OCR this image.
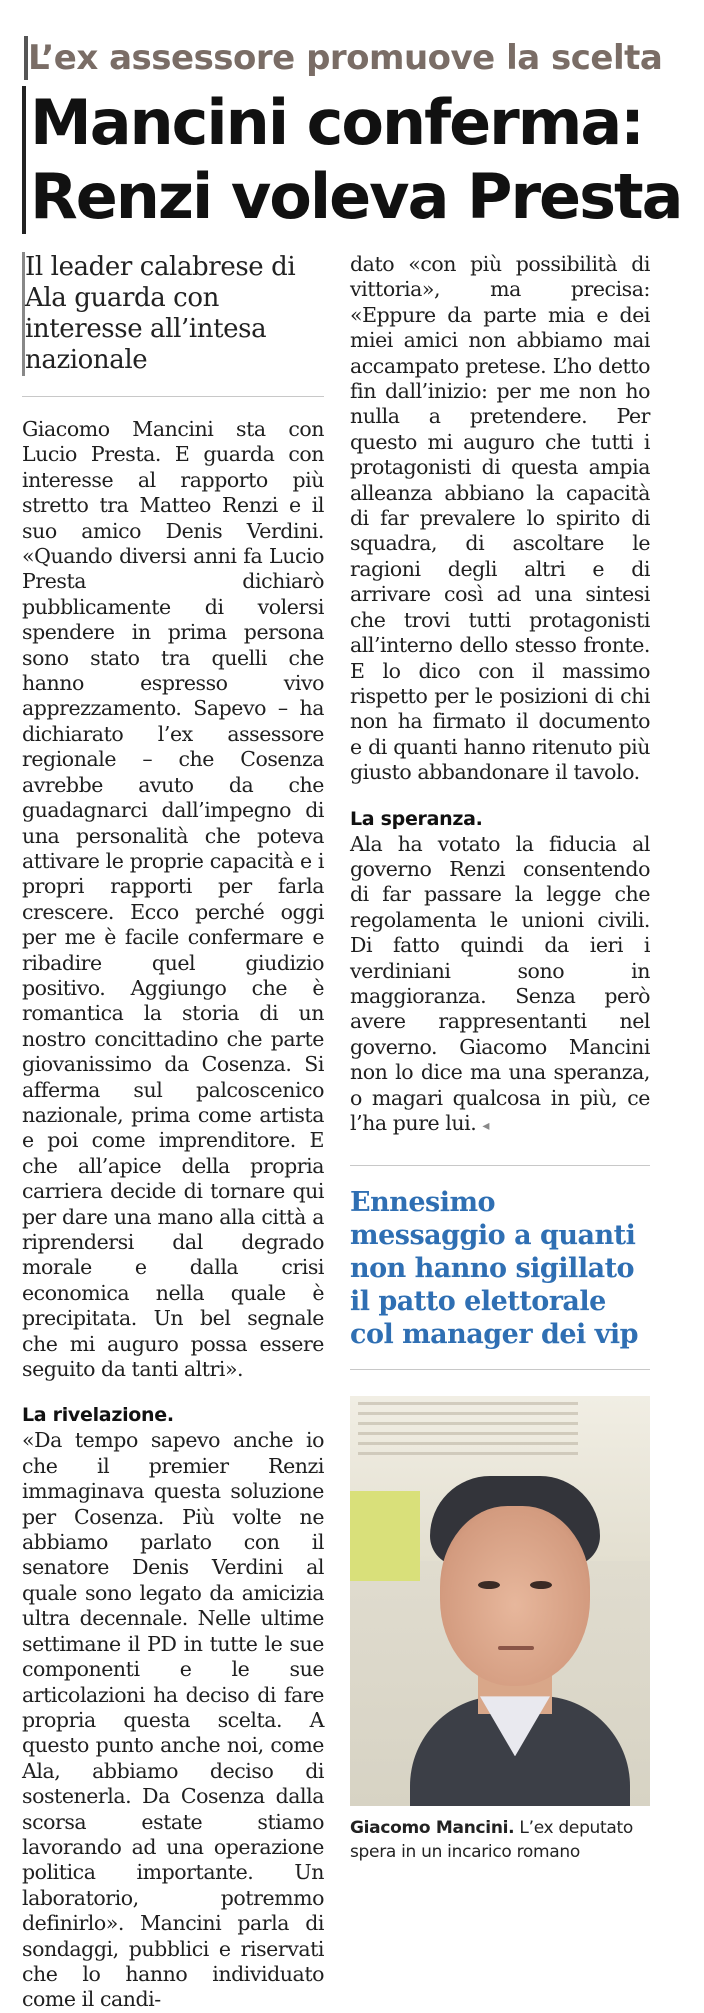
L’ex assessore promuove la scelta
Mancini conferma:
Renzi voleva Presta
Il leader calabrese di Ala guarda con interesse all’intesa nazionale

Giacomo Mancini sta con Lucio Presta. E guarda con interesse al rapporto più stretto tra Matteo Renzi e il suo amico Denis Verdini. «Quando diversi anni fa Lucio Presta dichiarò pubblicamente di volersi spendere in prima persona sono stato tra quelli che hanno espresso vivo apprezzamento. Sapevo – ha dichiarato l’ex assessore regionale – che Cosenza avrebbe avuto da che guadagnarci dall’impegno di una personalità che poteva attivare le proprie capacità e i propri rapporti per farla crescere. Ecco perché oggi per me è facile confermare e ribadire quel giudizio positivo. Aggiungo che è romantica la storia di un nostro concittadino che parte giovanissimo da Cosenza. Si afferma sul palcoscenico nazionale, prima come artista e poi come imprenditore. E che all’apice della propria carriera decide di tornare qui per dare una mano alla città a riprendersi dal degrado morale e dalla crisi economica nella quale è precipitata. Un bel segnale che mi auguro possa essere seguito da tanti altri».

La rivelazione.

«Da tempo sapevo anche io che il premier Renzi immaginava questa soluzione per Cosenza. Più volte ne abbiamo parlato con il senatore Denis Verdini al quale sono legato da amicizia ultra decennale. Nelle ultime settimane il PD in tutte le sue componenti e le sue articolazioni ha deciso di fare propria questa scelta. A questo punto anche noi, come Ala, abbiamo deciso di sostenerla. Da Cosenza dalla scorsa estate stiamo lavorando ad una operazione politica importante. Un laboratorio, potremmo definirlo». Mancini parla di sondaggi, pubblici e riservati che lo hanno individuato come il candi-

dato «con più possibilità di vittoria», ma precisa: «Eppure da parte mia e dei miei amici non abbiamo mai accampato pretese. L’ho detto fin dall’inizio: per me non ho nulla a pretendere. Per questo mi auguro che tutti i protagonisti di questa ampia alleanza abbiano la capacità di far prevalere lo spirito di squadra, di ascoltare le ragioni degli altri e di arrivare così ad una sintesi che trovi tutti protagonisti all’interno dello stesso fronte. E lo dico con il massimo rispetto per le posizioni di chi non ha firmato il documento e di quanti hanno ritenuto più giusto abbandonare il tavolo.

La speranza.

Ala ha votato la fiducia al governo Renzi consentendo di far passare la legge che regolamenta le unioni civili. Di fatto quindi da ieri i verdiniani sono in maggioranza. Senza però avere rappresentanti nel governo. Giacomo Mancini non lo dice ma una speranza, o magari qualcosa in più, ce l’ha pure lui. ◂

Ennesimo messaggio a quanti non hanno sigillato il patto elettorale col manager dei vip
Giacomo Mancini. L’ex deputato spera in un incarico romano
